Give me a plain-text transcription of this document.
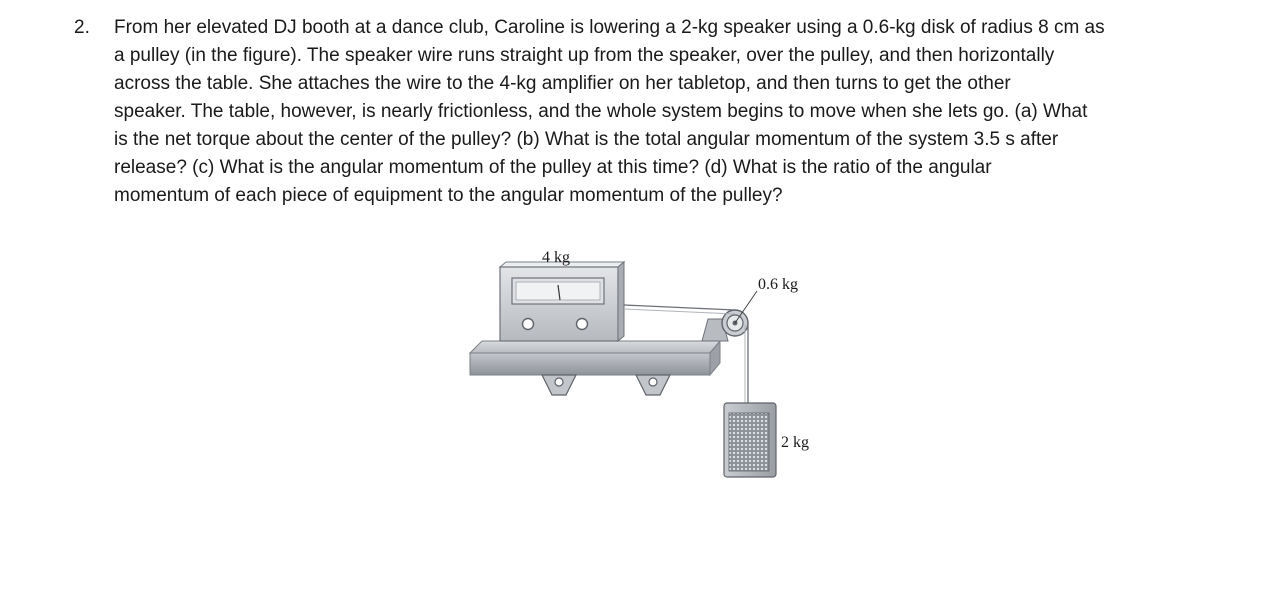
2. From her elevated DJ booth at a dance club, Caroline is lowering a 2-kg speaker using a 0.6-kg disk of radius 8 cm as
a pulley (in the figure). The speaker wire runs straight up from the speaker, over the pulley, and then horizontally
across the table. She attaches the wire to the 4-kg amplifier on her tabletop, and then turns to get the other
speaker. The table, however, is nearly frictionless, and the whole system begins to move when she lets go. (a) What
is the net torque about the center of the pulley? (b) What is the total angular momentum of the system 3.5 s after
release? (c) What is the angular momentum of the pulley at this time? (d) What is the ratio of the angular
momentum of each piece of equipment to the angular momentum of the pulley?

4 kg
0.6 kg
2 kg
